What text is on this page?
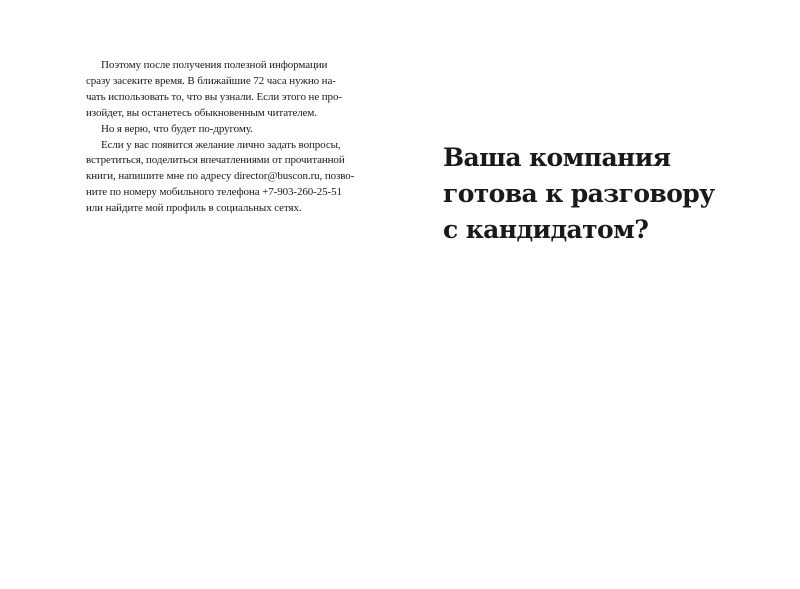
Поэтому после получения полезной информации
сразу засеките время. В ближайшие 72 часа нужно на-
чать использовать то, что вы узнали. Если этого не про-
изойдет, вы останетесь обыкновенным читателем.
Но я верю, что будет по-другому.
Если у вас появится желание лично задать вопросы,
встретиться, поделиться впечатлениями от прочитанной
книги, напишите мне по адресу director@buscon.ru, позво-
ните по номеру мобильного телефона +7-903-260-25-51
или найдите мой профиль в социальных сетях.
Ваша компания
готова к разговору
с кандидатом?
